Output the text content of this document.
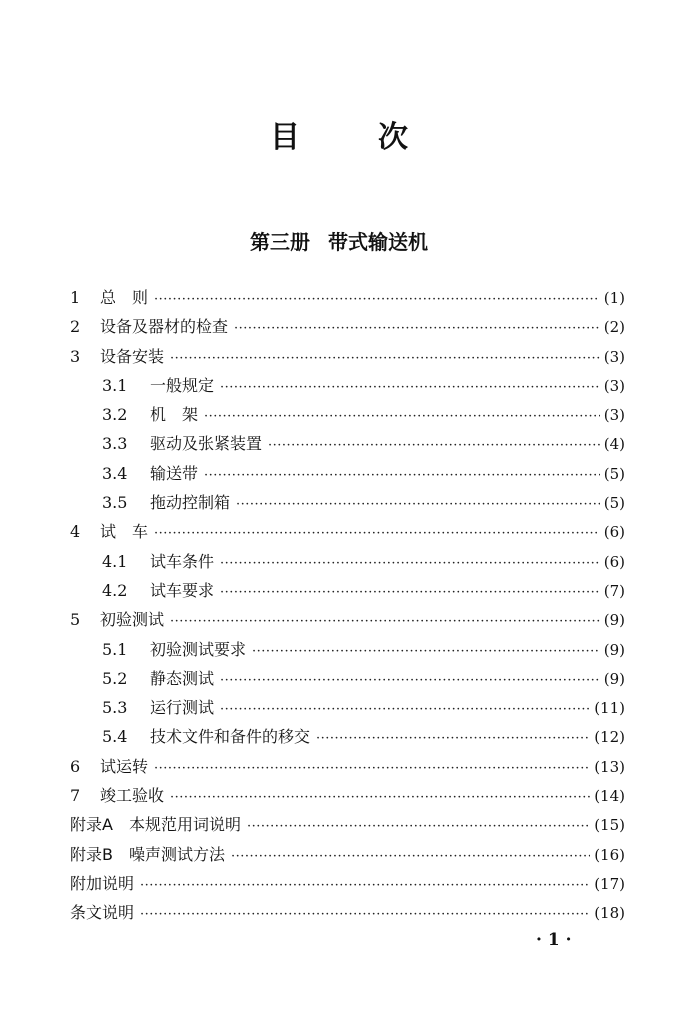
目次
第三册 带式输送机
1	总　则 ·····	(1)
2	设备及器材的检查 ·····	(2)
3	设备安装 ·····	(3)
3.1	一般规定 ·····	(3)
3.2	机　架 ·····	(3)
3.3	驱动及张紧装置 ·····	(4)
3.4	输送带 ·····	(5)
3.5	拖动控制箱 ·····	(5)
4	试　车 ·····	(6)
4.1	试车条件 ·····	(6)
4.2	试车要求 ·····	(7)
5	初验测试 ·····	(9)
5.1	初验测试要求 ·····	(9)
5.2	静态测试 ·····	(9)
5.3	运行测试 ·····	(11)
5.4	技术文件和备件的移交 ·····	(12)
6	试运转 ·····	(13)
7	竣工验收 ·····	(14)
附录A　本规范用词说明 ·····	(15)
附录B　噪声测试方法 ·····	(16)
附加说明 ·····	(17)
条文说明 ·····	(18)
· 1 ·
